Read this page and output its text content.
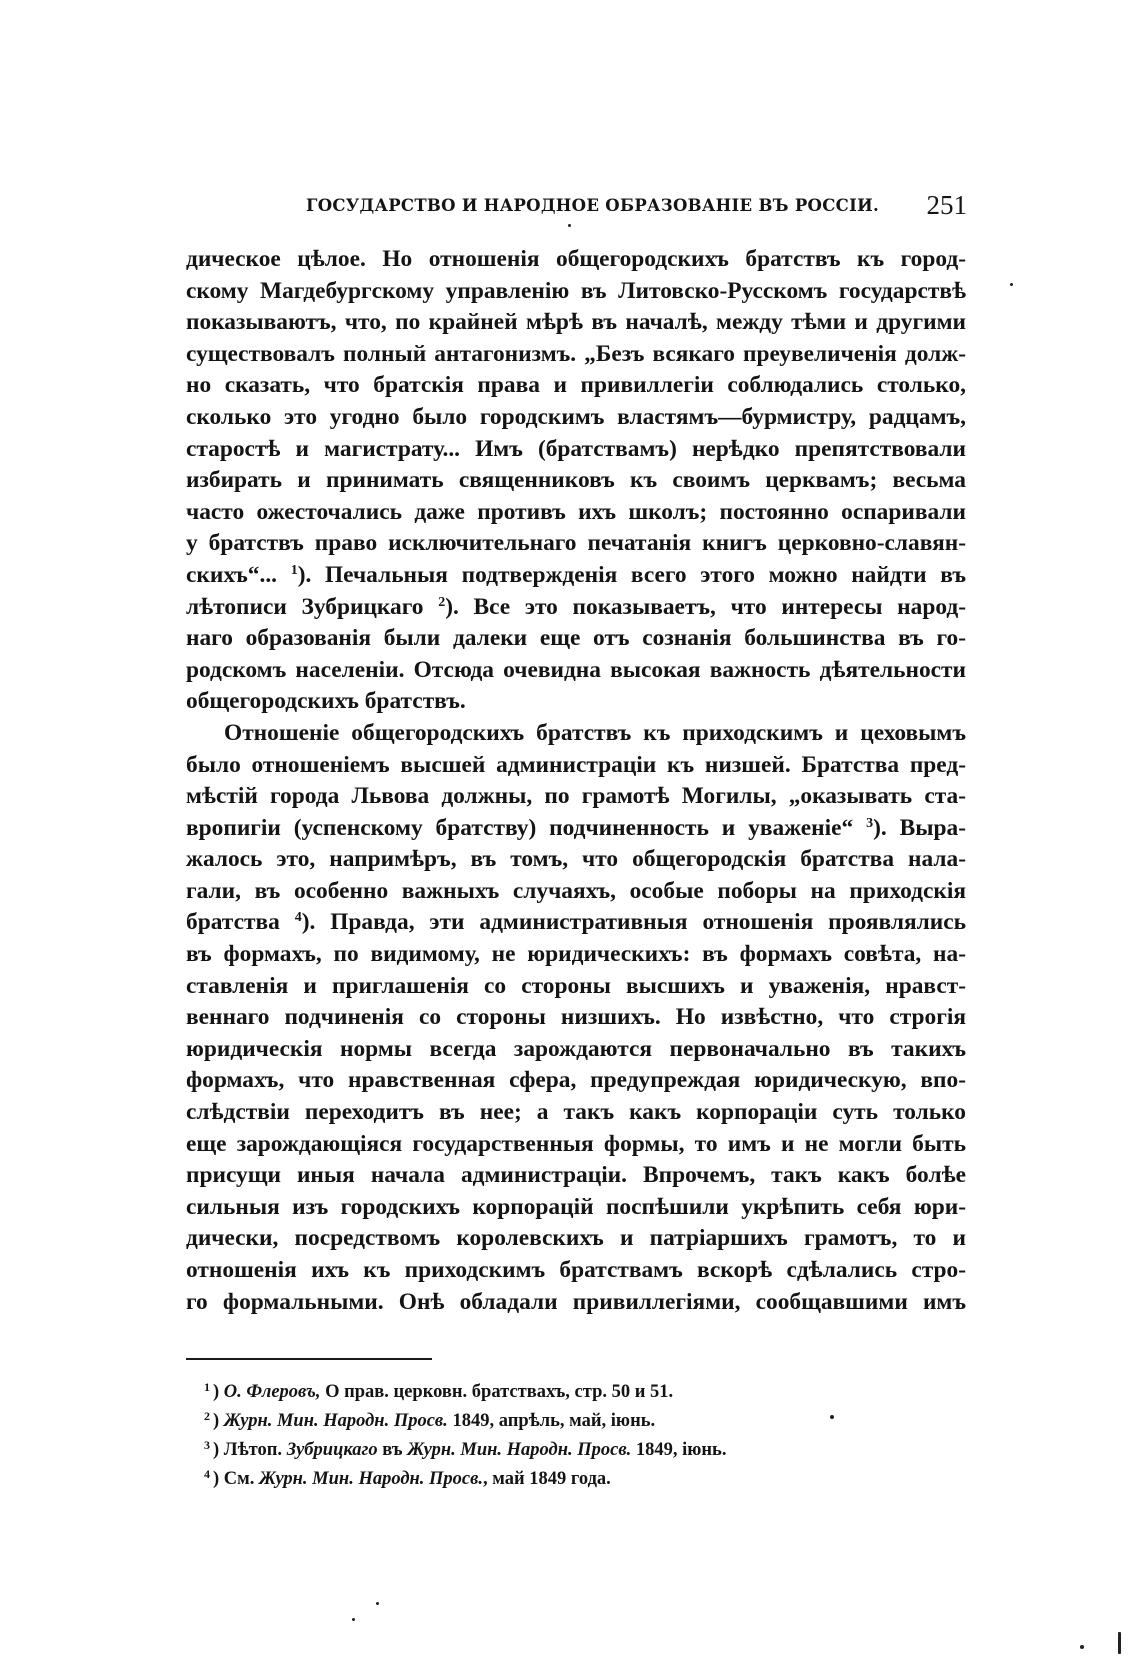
ГОСУДАРСТВО И НАРОДНОЕ ОБРАЗОВАНІЕ ВЪ РОССІИ. 251
дическое цѣлое. Но отношенія общегородскихъ братствъ къ город-
скому Магдебургскому управленію въ Литовско-Русскомъ государствѣ
показываютъ, что, по крайней мѣрѣ въ началѣ, между тѣми и другими
существовалъ полный антагонизмъ. „Безъ всякаго преувеличенія долж-
но сказать, что братскія права и привиллегіи соблюдались столько,
сколько это угодно было городскимъ властямъ—бурмистру, радцамъ,
старостѣ и магистрату... Имъ (братствамъ) нерѣдко препятствовали
избирать и принимать священниковъ къ своимъ церквамъ; весьма
часто ожесточались даже противъ ихъ школъ; постоянно оспаривали
у братствъ право исключительнаго печатанія книгъ церковно-славян-
скихъ“... $^1$). Печальныя подтвержденія всего этого можно найдти въ
лѣтописи Зубрицкаго $^2$). Все это показываетъ, что интересы народ-
наго образованія были далеки еще отъ сознанія большинства въ го-
родскомъ населеніи. Отсюда очевидна высокая важность дѣятельности
общегородскихъ братствъ.
Отношеніе общегородскихъ братствъ къ приходскимъ и цеховымъ
было отношеніемъ высшей администраціи къ низшей. Братства пред-
мѣстій города Львова должны, по грамотѣ Могилы, „оказывать ста-
вропигіи (успенскому братству) подчиненность и уваженіе“ $^3$). Выра-
жалось это, напримѣръ, въ томъ, что общегородскія братства нала-
гали, въ особенно важныхъ случаяхъ, особые поборы на приходскія
братства $^4$). Правда, эти административныя отношенія проявлялись
въ формахъ, по видимому, не юридическихъ: въ формахъ совѣта, на-
ставленія и приглашенія со стороны высшихъ и уваженія, нравст-
веннаго подчиненія со стороны низшихъ. Но извѣстно, что строгія
юридическія нормы всегда зарождаются первоначально въ такихъ
формахъ, что нравственная сфера, предупреждая юридическую, впо-
слѣдствіи переходитъ въ нее; а такъ какъ корпораціи суть только
еще зарождающіяся государственныя формы, то имъ и не могли быть
присущи иныя начала администраціи. Впрочемъ, такъ какъ болѣе
сильныя изъ городскихъ корпорацій поспѣшили укрѣпить себя юри-
дически, посредствомъ королевскихъ и патріаршихъ грамотъ, то и
отношенія ихъ къ приходскимъ братствамъ вскорѣ сдѣлались стро-
го формальными. Онѣ обладали привиллегіями, сообщавшими имъ
$^1$ ) О. Флеровъ, О прав. церковн. братствахъ, стр. 50 и 51.
$^2$ ) Журн. Мин. Народн. Просв. 1849, апрѣль, май, іюнь.
$^3$ ) Лѣтоп. Зубрицкаго въ Журн. Мин. Народн. Просв. 1849, іюнь.
$^4$ ) См. Журн. Мин. Народн. Просв., май 1849 года.
